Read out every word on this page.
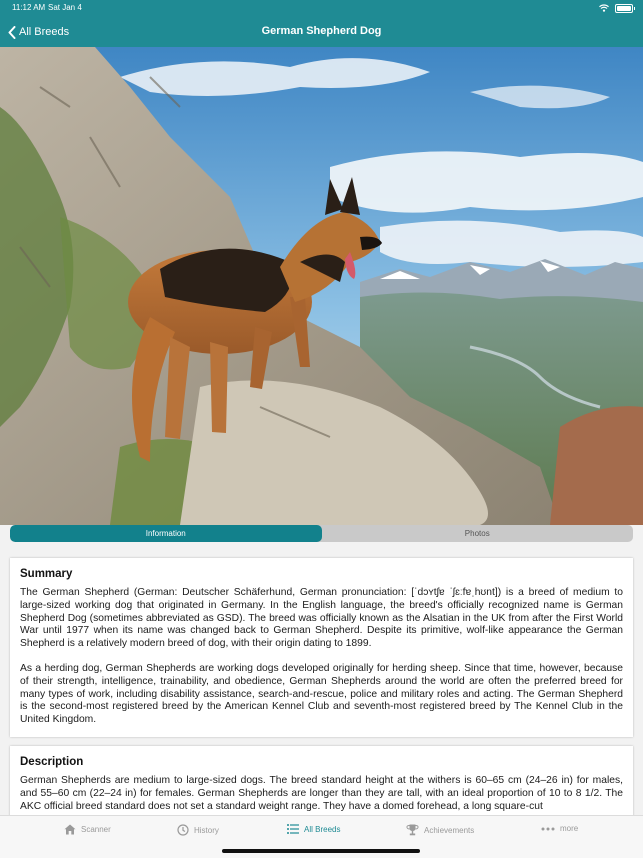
11:12 AM Sat Jan 4
All Breeds	German Shepherd Dog
Information	Photos
Summary

The German Shepherd (German: Deutscher Schäferhund, German pronunciation: [ˈdɔʏtʃɐ ˈʃɛːfɐˌhʊnt]) is a breed of medium to large-sized working dog that originated in Germany. In the English language, the breed's officially recognized name is German Shepherd Dog (sometimes abbreviated as GSD). The breed was officially known as the Alsatian in the UK from after the First World War until 1977 when its name was changed back to German Shepherd. Despite its primitive, wolf-like appearance the German Shepherd is a relatively modern breed of dog, with their origin dating to 1899.

As a herding dog, German Shepherds are working dogs developed originally for herding sheep. Since that time, however, because of their strength, intelligence, trainability, and obedience, German Shepherds around the world are often the preferred breed for many types of work, including disability assistance, search-and-rescue, police and military roles and acting. The German Shepherd is the second-most registered breed by the American Kennel Club and seventh-most registered breed by The Kennel Club in the United Kingdom.

Description

German Shepherds are medium to large-sized dogs. The breed standard height at the withers is 60–65 cm (24–26 in) for males, and 55–60 cm (22–24 in) for females. German Shepherds are longer than they are tall, with an ideal proportion of 10 to 8 1/2. The AKC official breed standard does not set a standard weight range. They have a domed forehead, a long square-cut

Scanner	History	All Breeds	Achievements	more
